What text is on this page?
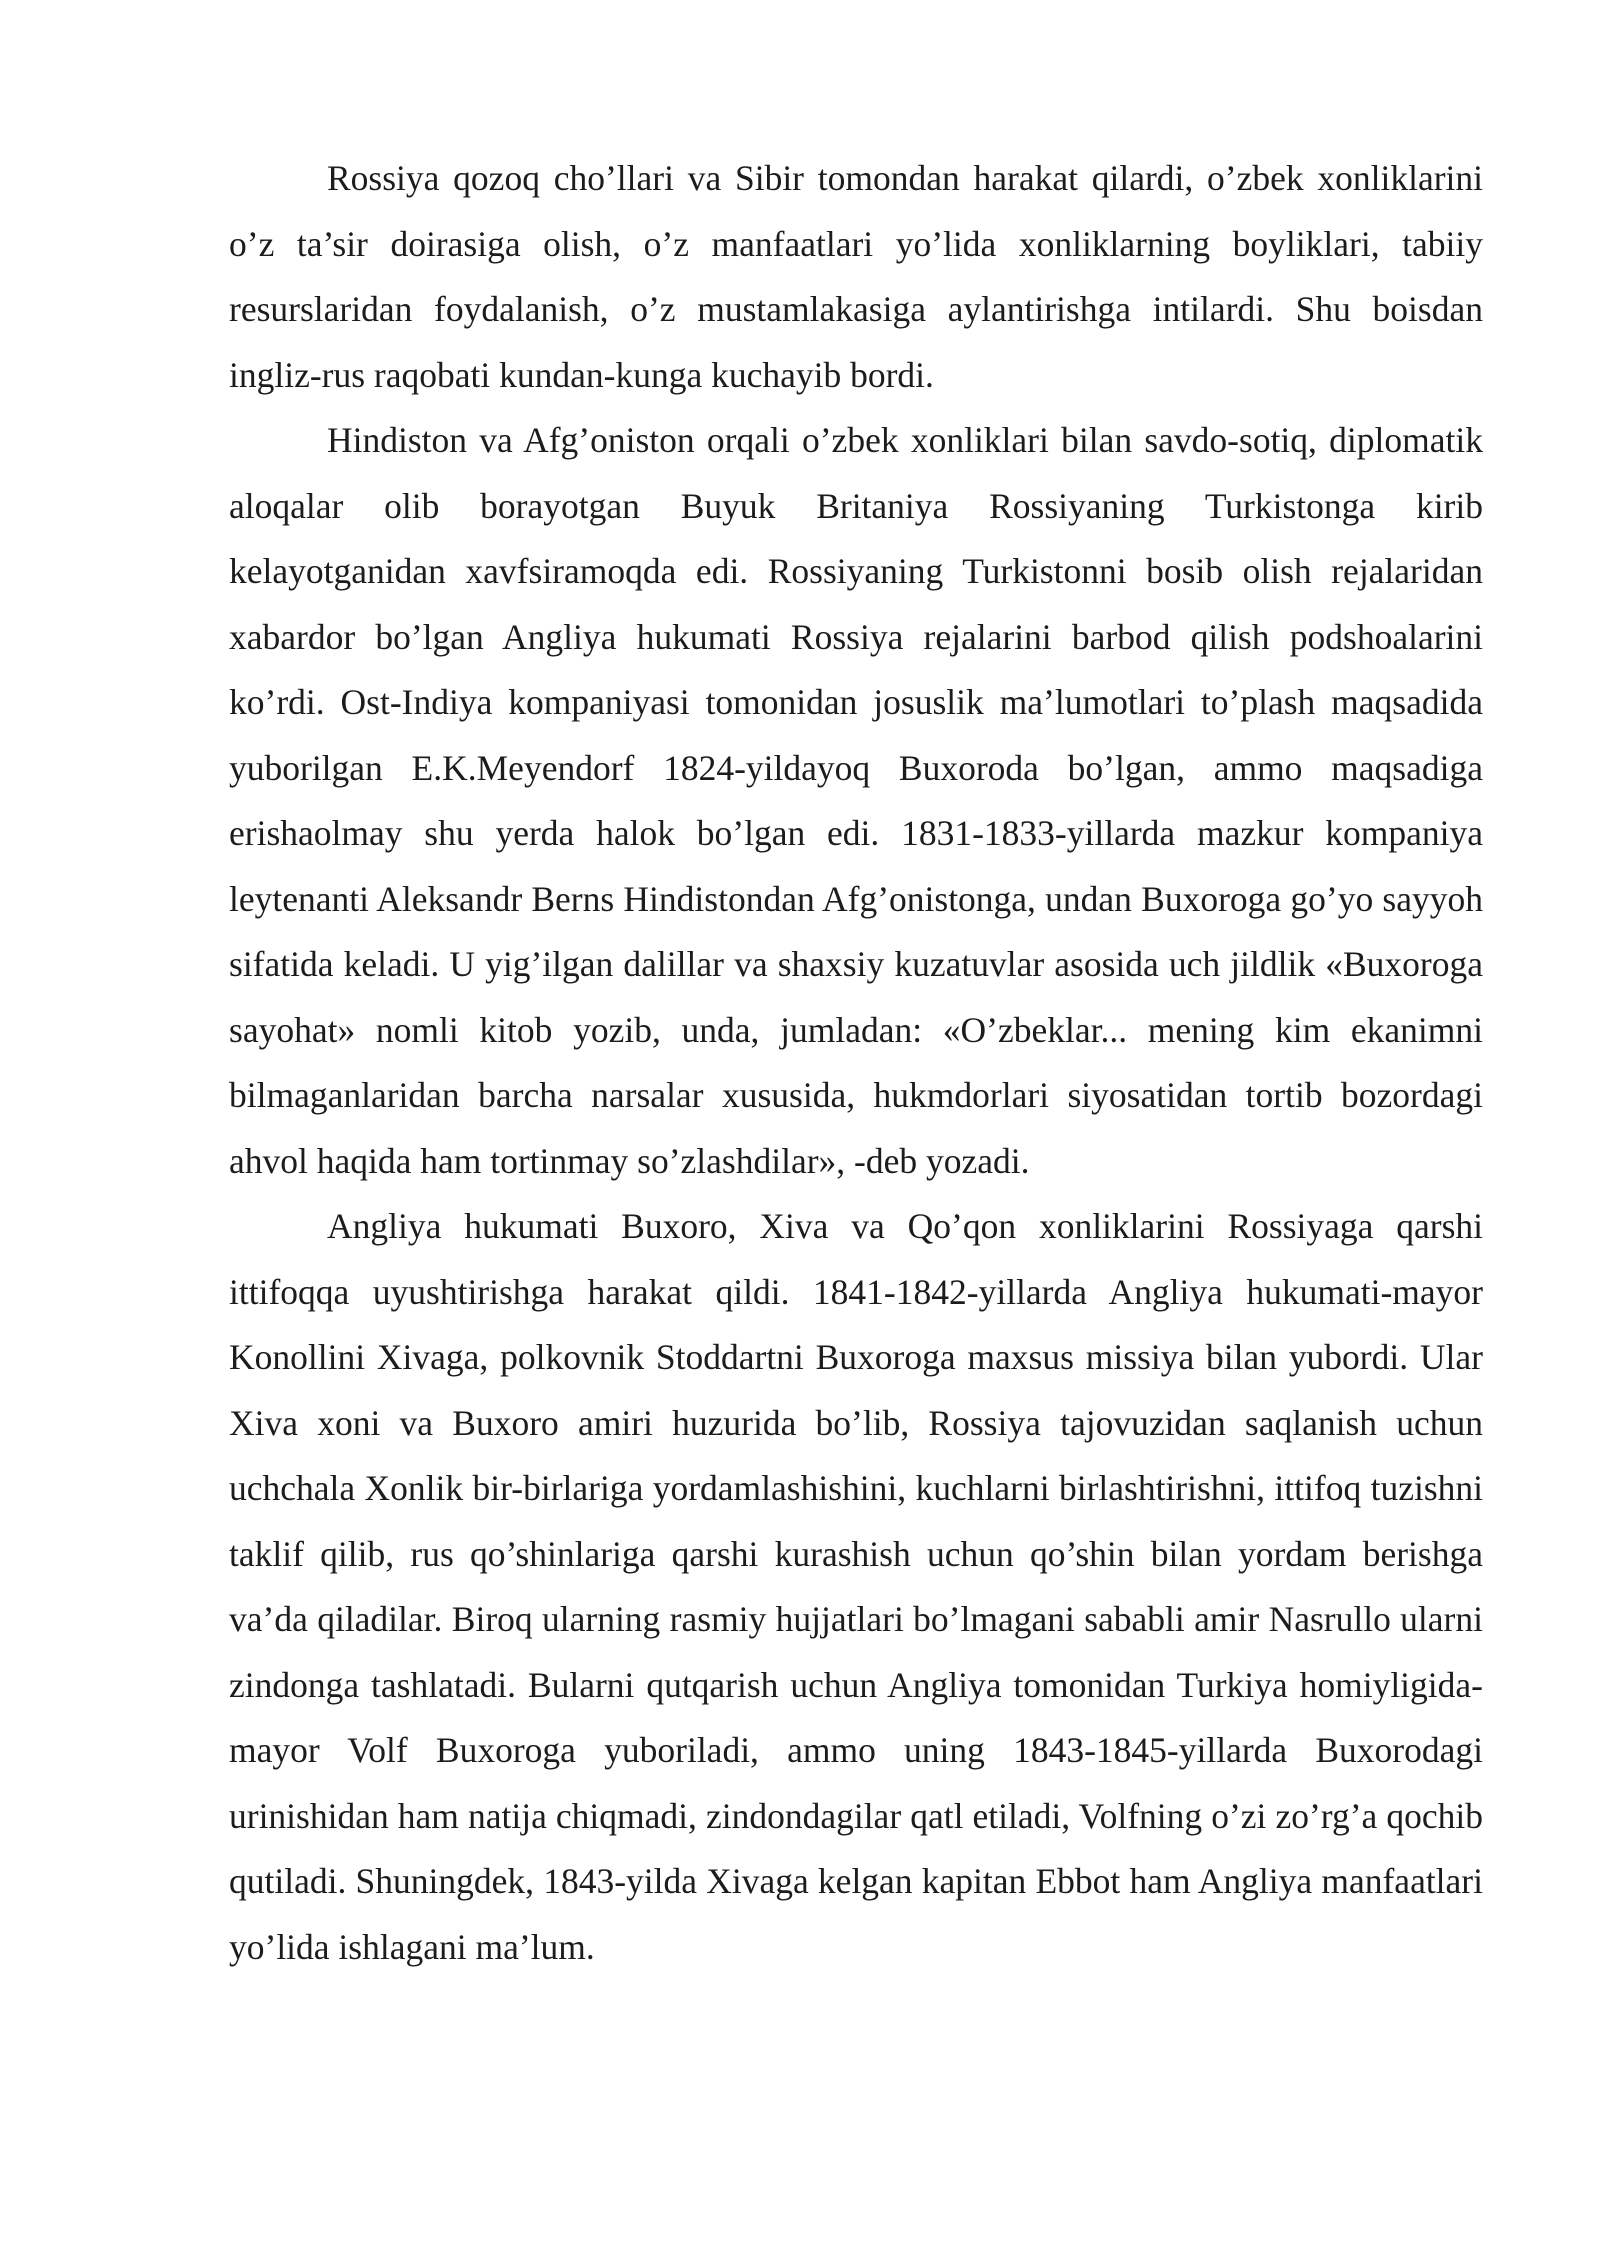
Rossiya qozoq cho’llari va Sibir tomondan harakat qilardi, o’zbek xonliklarini o’z ta’sir doirasiga olish, o’z manfaatlari yo’lida xonliklarning boyliklari, tabiiy resurslaridan foydalanish, o’z mustamlakasiga aylantirishga intilardi. Shu boisdan ingliz-rus raqobati kundan-kunga kuchayib bordi.

Hindiston va Afg’oniston orqali o’zbek xonliklari bilan savdo-sotiq, diplomatik aloqalar olib borayotgan Buyuk Britaniya Rossiyaning Turkistonga kirib kelayotganidan xavfsiramoqda edi. Rossiyaning Turkistonni bosib olish rejalaridan xabardor bo’lgan Angliya hukumati Rossiya rejalarini barbod qilish podshoalarini ko’rdi. Ost-Indiya kompaniyasi tomonidan josuslik ma’lumotlari to’plash maqsadida yuborilgan E.K.Meyendorf 1824-yildayoq Buxoroda bo’lgan, ammo maqsadiga erishaolmay shu yerda halok bo’lgan edi. 1831-1833-yillarda mazkur kompaniya leytenanti Aleksandr Berns Hindistondan Afg’onistonga, undan Buxoroga go’yo sayyoh sifatida keladi. U yig’ilgan dalillar va shaxsiy kuzatuvlar asosida uch jildlik «Buxoroga sayohat» nomli kitob yozib, unda, jumladan: «O’zbeklar... mening kim ekanimni bilmaganlaridan barcha narsalar xususida, hukmdorlari siyosatidan tortib bozordagi ahvol haqida ham tortinmay so’zlashdilar», -deb yozadi.

Angliya hukumati Buxoro, Xiva va Qo’qon xonliklarini Rossiyaga qarshi ittifoqqa uyushtirishga harakat qildi. 1841-1842-yillarda Angliya hukumati-mayor Konollini Xivaga, polkovnik Stoddartni Buxoroga maxsus missiya bilan yubordi. Ular Xiva xoni va Buxoro amiri huzurida bo’lib, Rossiya tajovuzidan saqlanish uchun uchchala Xonlik bir-birlariga yordamlashishini, kuchlarni birlashtirishni, ittifoq tuzishni taklif qilib, rus qo’shinlariga qarshi kurashish uchun qo’shin bilan yordam berishga va’da qiladilar. Biroq ularning rasmiy hujjatlari bo’lmagani sababli amir Nasrullo ularni zindonga tashlatadi. Bularni qutqarish uchun Angliya tomonidan Turkiya homiyligida-mayor Volf Buxoroga yuboriladi, ammo uning 1843-1845-yillarda Buxorodagi urinishidan ham natija chiqmadi, zindondagilar qatl etiladi, Volfning o’zi zo’rg’a qochib qutiladi. Shuningdek, 1843-yilda Xivaga kelgan kapitan Ebbot ham Angliya manfaatlari yo’lida ishlagani ma’lum.
